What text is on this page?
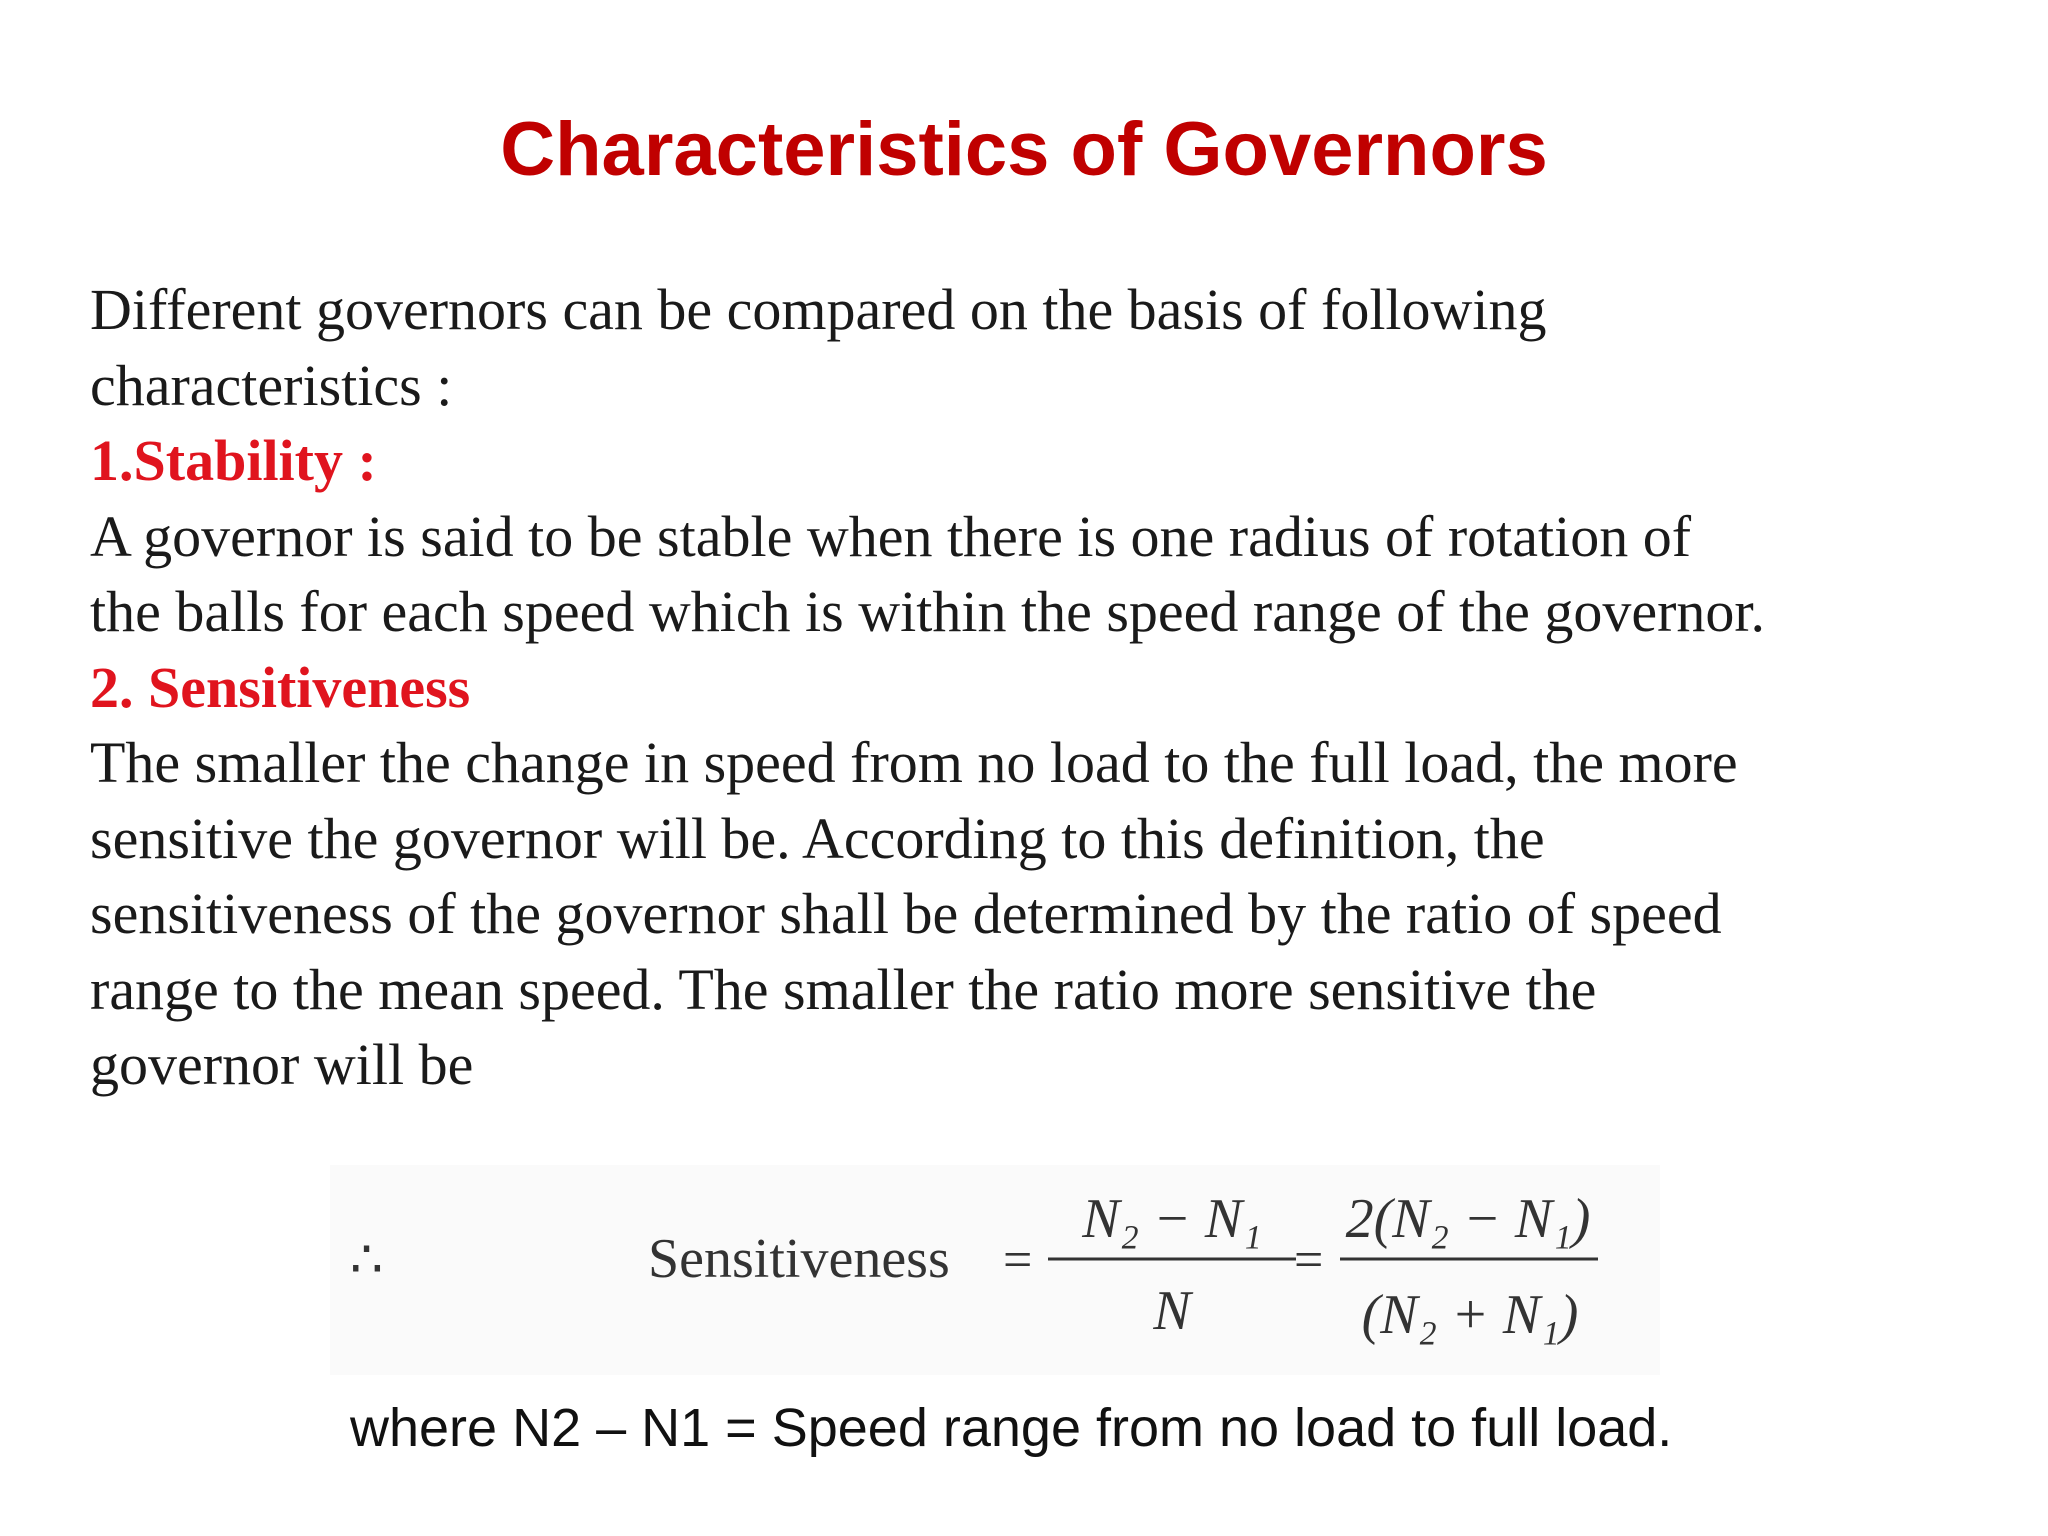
Characteristics of Governors
Different governors can be compared on the basis of following
characteristics :
1.Stability :
A governor is said to be stable when there is one radius of rotation of
the balls for each speed which is within the speed range of the governor.
2. Sensitiveness
The smaller the change in speed from no load to the full load, the more
sensitive the governor will be. According to this definition, the
sensitiveness of the governor shall be determined by the ratio of speed
range to the mean speed. The smaller the ratio more sensitive the
governor will be
∴	Sensitiveness =
N₂ − N₁
N
=
2(N₂ − N₁)
(N₂ + N₁)
where N2 – N1 = Speed range from no load to full load.
